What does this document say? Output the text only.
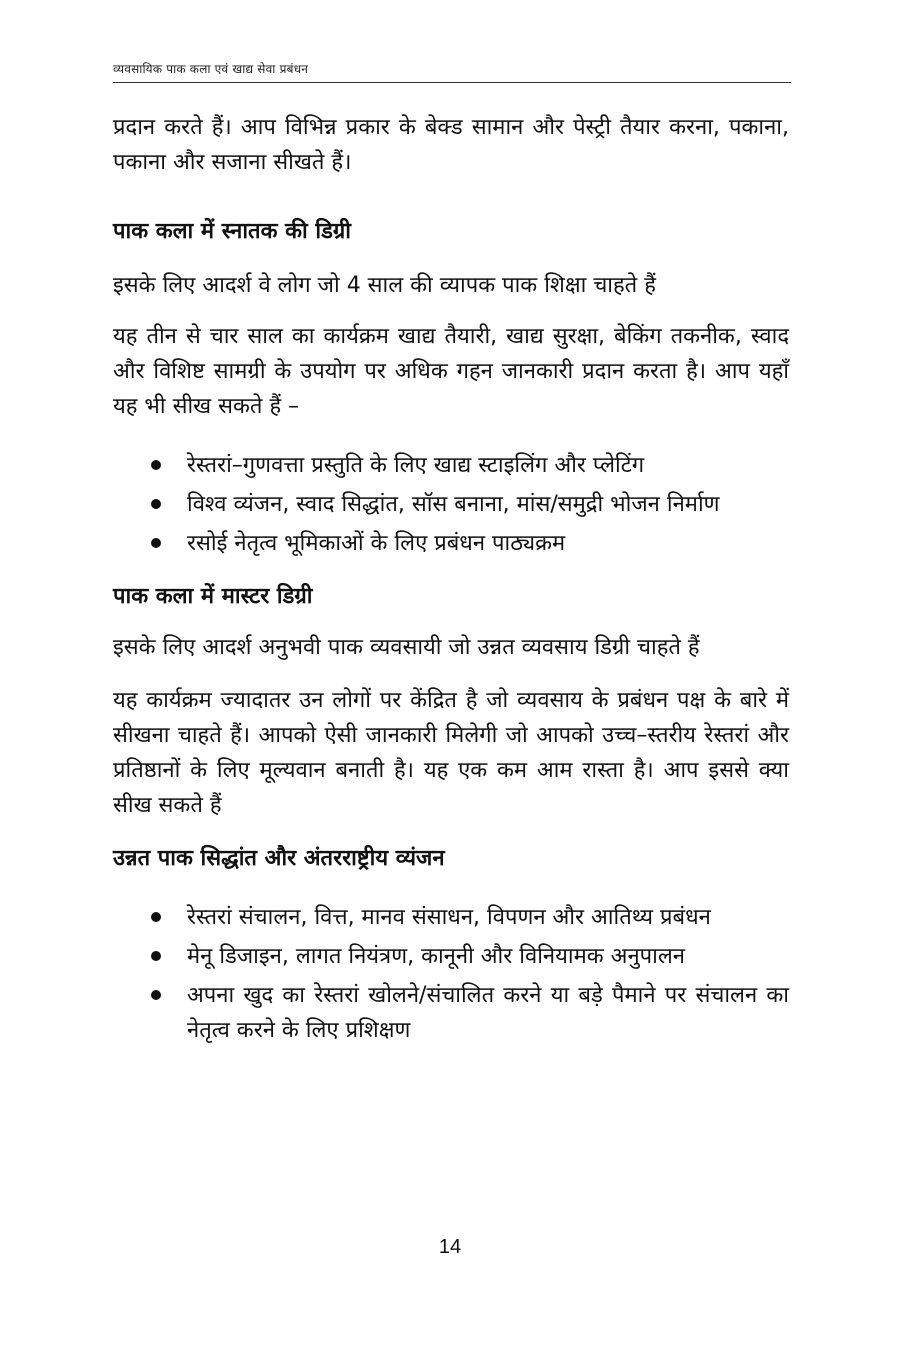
व्यवसायिक पाक कला एवं खाद्य सेवा प्रबंधन

प्रदान करते हैं। आप विभिन्न प्रकार के बेक्ड सामान और पेस्ट्री तैयार करना, पकाना, पकाना और सजाना सीखते हैं।

पाक कला में स्नातक की डिग्री

इसके लिए आदर्श वे लोग जो 4 साल की व्यापक पाक शिक्षा चाहते हैं

यह तीन से चार साल का कार्यक्रम खाद्य तैयारी, खाद्य सुरक्षा, बेकिंग तकनीक, स्वाद और विशिष्ट सामग्री के उपयोग पर अधिक गहन जानकारी प्रदान करता है। आप यहाँ यह भी सीख सकते हैं –

रेस्तरां–गुणवत्ता प्रस्तुति के लिए खाद्य स्टाइलिंग और प्लेटिंग
विश्व व्यंजन, स्वाद सिद्धांत, सॉस बनाना, मांस/समुद्री भोजन निर्माण
रसोई नेतृत्व भूमिकाओं के लिए प्रबंधन पाठ्यक्रम
पाक कला में मास्टर डिग्री

इसके लिए आदर्श अनुभवी पाक व्यवसायी जो उन्नत व्यवसाय डिग्री चाहते हैं

यह कार्यक्रम ज्यादातर उन लोगों पर केंद्रित है जो व्यवसाय के प्रबंधन पक्ष के बारे में सीखना चाहते हैं। आपको ऐसी जानकारी मिलेगी जो आपको उच्च–स्तरीय रेस्तरां और प्रतिष्ठानों के लिए मूल्यवान बनाती है। यह एक कम आम रास्ता है। आप इससे क्या सीख सकते हैं

उन्नत पाक सिद्धांत और अंतरराष्ट्रीय व्यंजन
रेस्तरां संचालन, वित्त, मानव संसाधन, विपणन और आतिथ्य प्रबंधन
मेनू डिजाइन, लागत नियंत्रण, कानूनी और विनियामक अनुपालन
अपना खुद का रेस्तरां खोलने/संचालित करने या बड़े पैमाने पर संचालन का नेतृत्व करने के लिए प्रशिक्षण
14
